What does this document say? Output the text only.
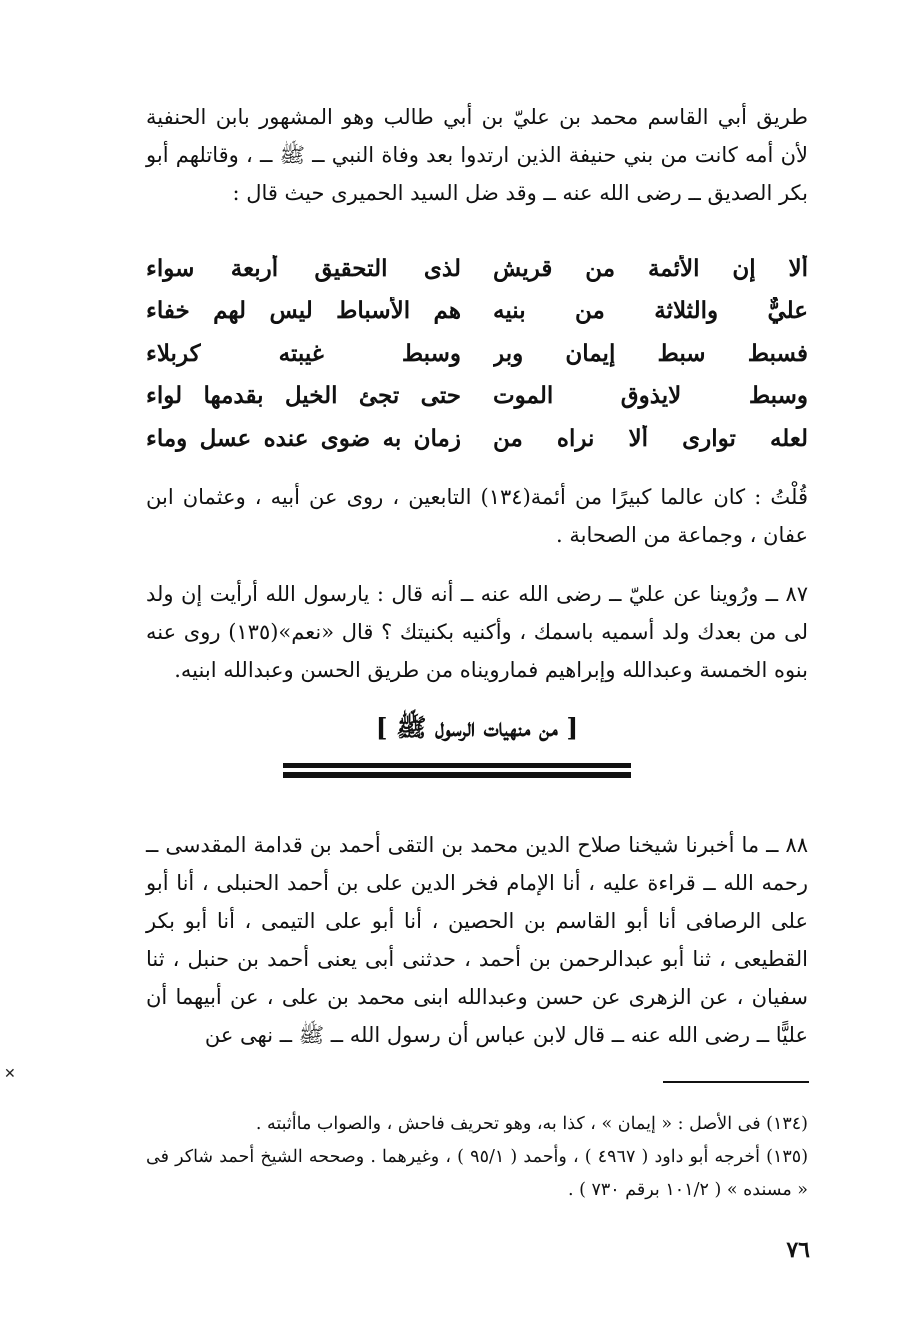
طريق أبي القاسم محمد بن عليّ بن أبي طالب وهو المشهور بابن الحنفية لأن أمه كانت من بني حنيفة الذين ارتدوا بعد وفاة النبي ــ ﷺ ــ ، وقاتلهم أبو بكر الصديق ــ رضى الله عنه ــ وقد ضل السيد الحميرى حيث قال :

ألا إن الأئمة من قريش
لذى التحقيق أربعة سواء
عليٌّ والثلاثة من بنيه
هم الأسباط ليس لهم خفاء
فسبط سبط إيمان وبر
وسبط غيبته كربلاء
وسبط لايذوق الموت
حتى تجئ الخيل بقدمها لواء
لعله توارى ألا نراه من
زمان به ضوى عنده عسل وماء

قُلْتُ : كان عالما كبيرًا من أئمة(١٣٤) التابعين ، روى عن أبيه ، وعثمان ابن عفان ، وجماعة من الصحابة .

٨٧ ــ ورُوينا عن عليّ ــ رضى الله عنه ــ أنه قال : يارسول الله أرأيت إن ولد لى من بعدك ولد أسميه باسمك ، وأكنيه بكنيتك ؟ قال «نعم»(١٣٥) روى عنه بنوه الخمسة وعبدالله وإبراهيم فمارويناه من طريق الحسن وعبدالله ابنيه.

[ من منهيات الرسول ﷺ ]

٨٨ ــ ما أخبرنا شيخنا صلاح الدين محمد بن التقى أحمد بن قدامة المقدسى ــ رحمه الله ــ قراءة عليه ، أنا الإمام فخر الدين على بن أحمد الحنبلى ، أنا أبو على الرصافى أنا أبو القاسم بن الحصين ، أنا أبو على التيمى ، أنا أبو بكر القطيعى ، ثنا أبو عبدالرحمن بن أحمد ، حدثنى أبى يعنى أحمد بن حنبل ، ثنا سفيان ، عن الزهرى عن حسن وعبدالله ابنى محمد بن على ، عن أبيهما أن عليًّا ــ رضى الله عنه ــ قال لابن عباس أن رسول الله ــ ﷺ ــ نهى عن

(١٣٤) فى الأصل : « إيمان » ، كذا به، وهو تحريف فاحش ، والصواب ماأثبته .

(١٣٥) أخرجه أبو داود ( ٤٩٦٧ ) ، وأحمد ( ٩٥/١ ) ، وغيرهما . وصححه الشيخ أحمد شاكر فى « مسنده » ( ١٠١/٢ برقم ٧٣٠ ) .

٧٦
✕
